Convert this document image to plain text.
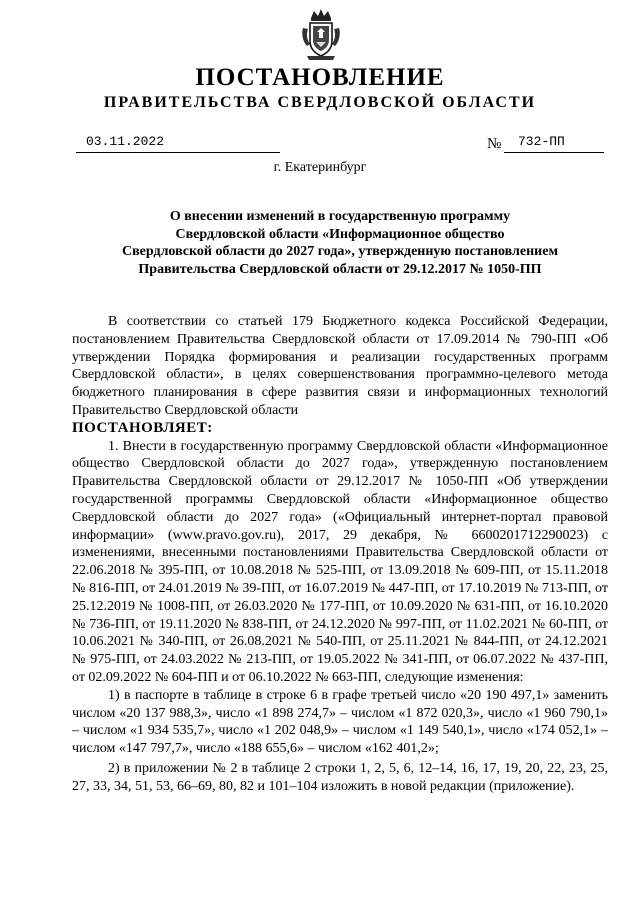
ПОСТАНОВЛЕНИЕ
ПРАВИТЕЛЬСТВА СВЕРДЛОВСКОЙ ОБЛАСТИ
03.11.2022	№ 732-ПП
г. Екатеринбург
О внесении изменений в государственную программу
Свердловской области «Информационное общество
Свердловской области до 2027 года», утвержденную постановлением
Правительства Свердловской области от 29.12.2017 № 1050-ПП

В соответствии со статьей 179 Бюджетного кодекса Российской Федерации, постановлением Правительства Свердловской области от 17.09.2014 № 790-ПП «Об утверждении Порядка формирования и реализации государственных программ Свердловской области», в целях совершенствования программно-целевого метода бюджетного планирования в сфере развития связи и информационных технологий Правительство Свердловской области

ПОСТАНОВЛЯЕТ:

1. Внести в государственную программу Свердловской области «Информационное общество Свердловской области до 2027 года», утвержденную постановлением Правительства Свердловской области от 29.12.2017 № 1050-ПП «Об утверждении государственной программы Свердловской области «Информационное общество Свердловской области до 2027 года» («Официальный интернет-портал правовой информации» (www.pravo.gov.ru), 2017, 29 декабря, № 6600201712290023) с изменениями, внесенными постановлениями Правительства Свердловской области от 22.06.2018 № 395-ПП, от 10.08.2018 № 525-ПП, от 13.09.2018 № 609-ПП, от 15.11.2018 № 816-ПП, от 24.01.2019 № 39-ПП, от 16.07.2019 № 447-ПП, от 17.10.2019 № 713-ПП, от 25.12.2019 № 1008-ПП, от 26.03.2020 № 177-ПП, от 10.09.2020 № 631-ПП, от 16.10.2020 № 736-ПП, от 19.11.2020 № 838-ПП, от 24.12.2020 № 997-ПП, от 11.02.2021 № 60-ПП, от 10.06.2021 № 340-ПП, от 26.08.2021 № 540-ПП, от 25.11.2021 № 844-ПП, от 24.12.2021 № 975-ПП, от 24.03.2022 № 213-ПП, от 19.05.2022 № 341-ПП, от 06.07.2022 № 437-ПП, от 02.09.2022 № 604-ПП и от 06.10.2022 № 663-ПП, следующие изменения:

1) в паспорте в таблице в строке 6 в графе третьей число «20 190 497,1» заменить числом «20 137 988,3», число «1 898 274,7» – числом «1 872 020,3», число «1 960 790,1» – числом «1 934 535,7», число «1 202 048,9» – числом «1 149 540,1», число «174 052,1» – числом «147 797,7», число «188 655,6» – числом «162 401,2»;

2) в приложении № 2 в таблице 2 строки 1, 2, 5, 6, 12–14, 16, 17, 19, 20, 22, 23, 25, 27, 33, 34, 51, 53, 66–69, 80, 82 и 101–104 изложить в новой редакции (приложение).
